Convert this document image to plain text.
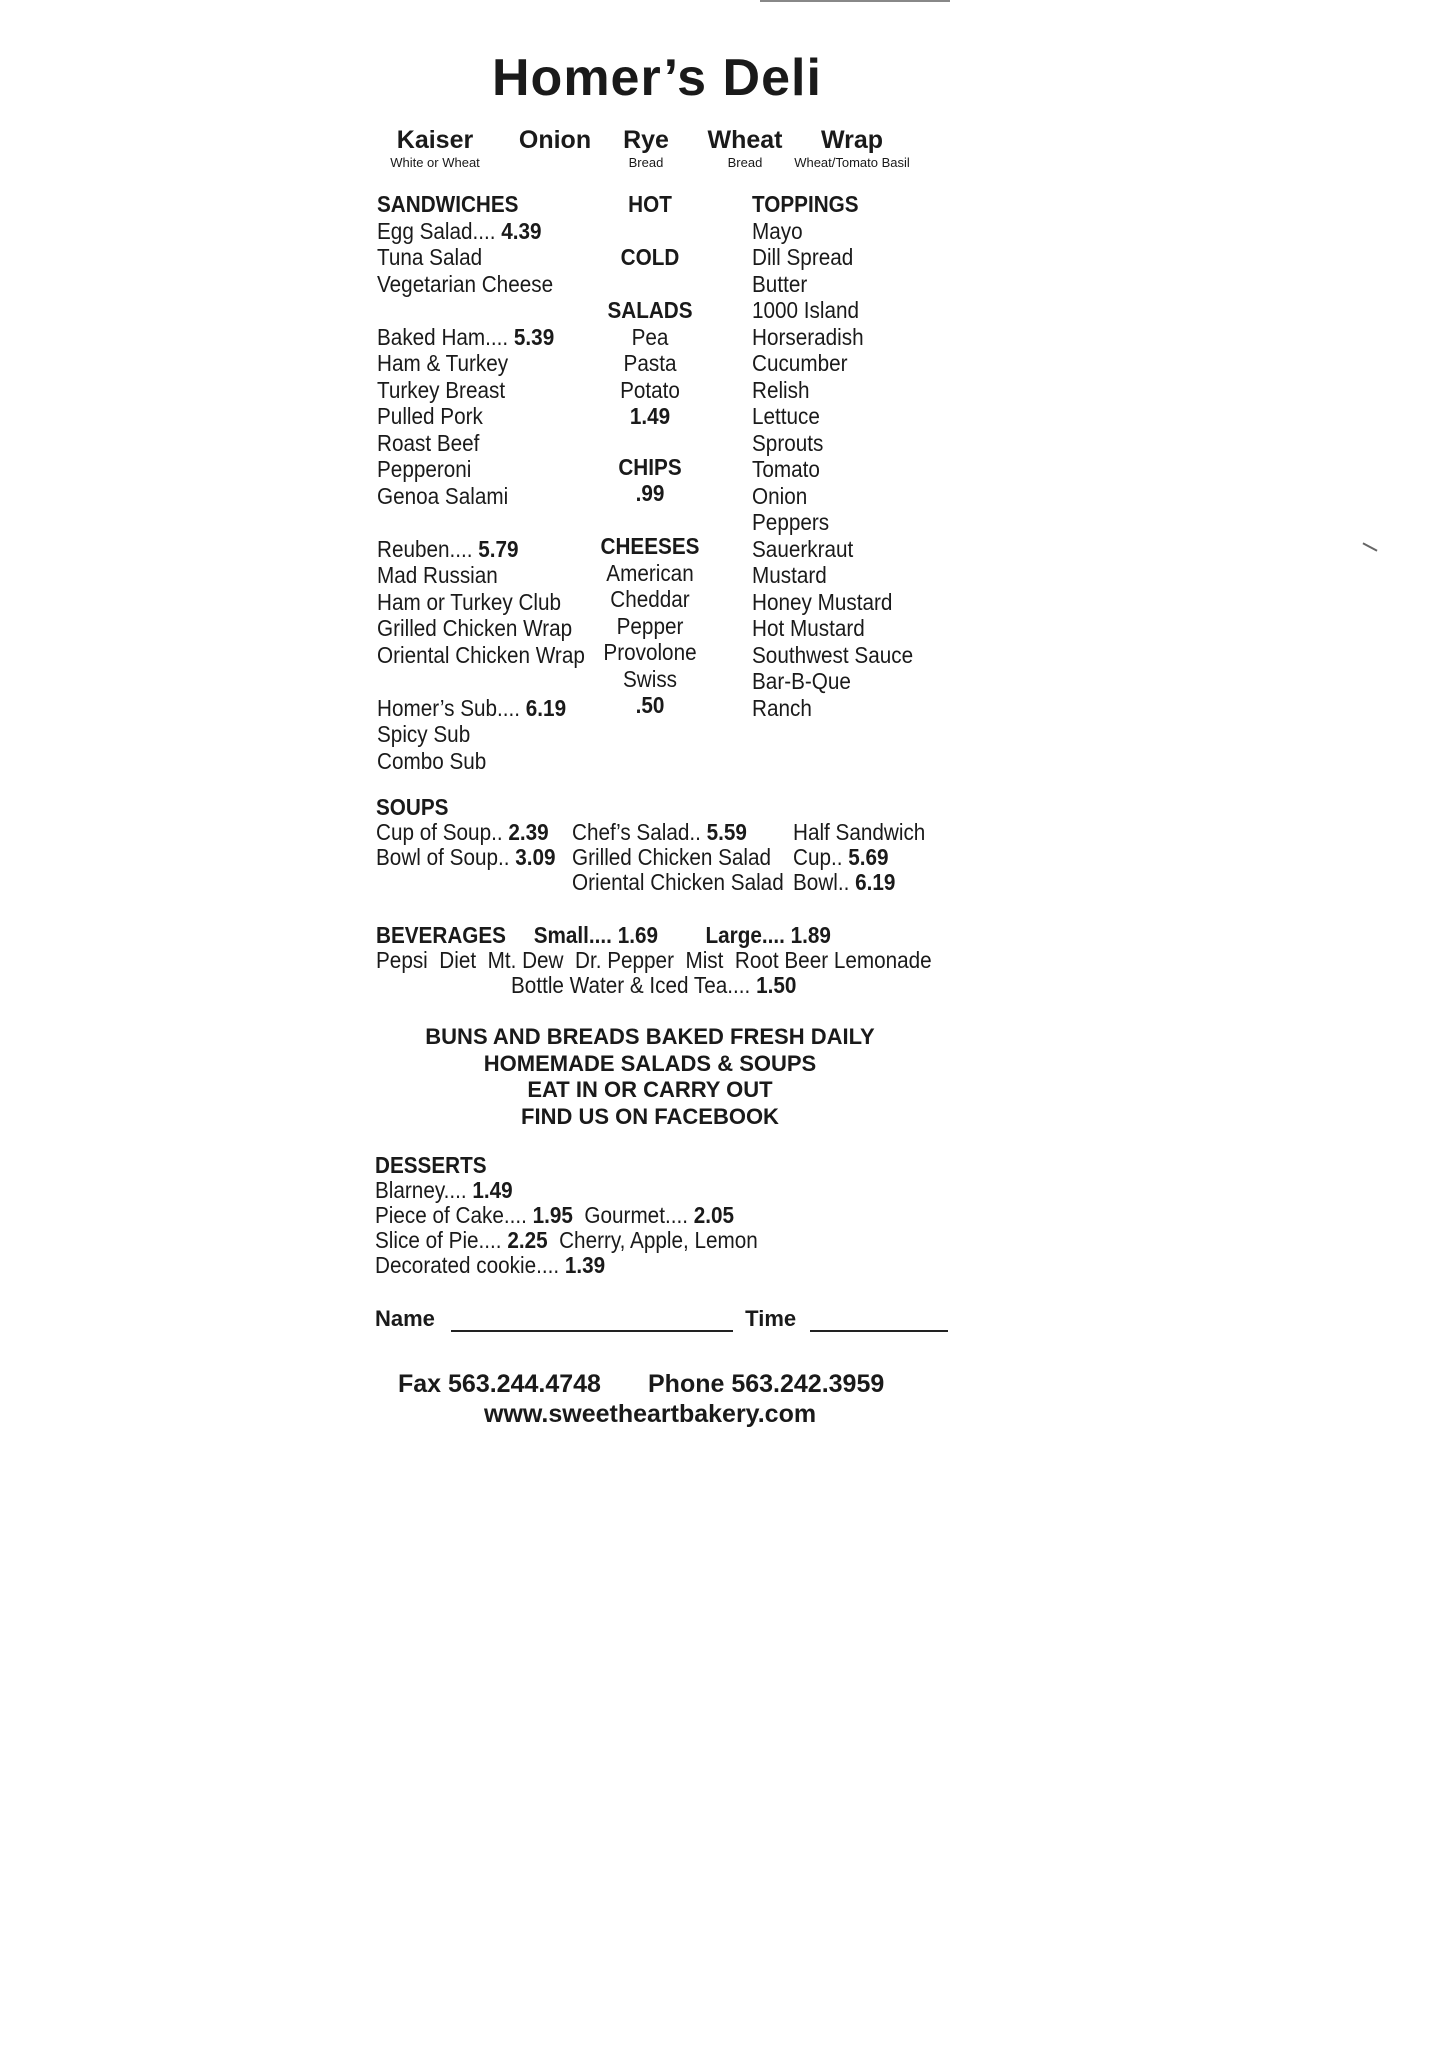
Homer’s Deli
Kaiser
White or Wheat
Onion	Rye
Bread
Wheat
Bread
Wrap
Wheat/Tomato Basil
SANDWICHES
Egg Salad.... 4.39
Tuna Salad
Vegetarian Cheese
Baked Ham.... 5.39
Ham & Turkey
Turkey Breast
Pulled Pork
Roast Beef
Pepperoni
Genoa Salami
Reuben.... 5.79
Mad Russian
Ham or Turkey Club
Grilled Chicken Wrap
Oriental Chicken Wrap
Homer’s Sub.... 6.19
Spicy Sub
Combo Sub
HOT
COLD
SALADS
Pea
Pasta
Potato
1.49
CHIPS
.99
CHEESES
American
Cheddar
Pepper
Provolone
Swiss
.50
TOPPINGS
Mayo
Dill Spread
Butter
1000 Island
Horseradish
Cucumber
Relish
Lettuce
Sprouts
Tomato
Onion
Peppers
Sauerkraut
Mustard
Honey Mustard
Hot Mustard
Southwest Sauce
Bar-B-Que
Ranch
SOUPS
Cup of Soup.. 2.39
Bowl of Soup.. 3.09
Chef’s Salad.. 5.59
Grilled Chicken Salad
Oriental Chicken Salad
Half Sandwich
Cup.. 5.69
Bowl.. 6.19
BEVERAGES Small.... 1.69 Large.... 1.89
Pepsi  Diet  Mt. Dew  Dr. Pepper  Mist  Root Beer Lemonade
Bottle Water & Iced Tea.... 1.50
BUNS AND BREADS BAKED FRESH DAILY
HOMEMADE SALADS & SOUPS
EAT IN OR CARRY OUT
FIND US ON FACEBOOK
DESSERTS
Blarney.... 1.49
Piece of Cake.... 1.95 Gourmet.... 2.05
Slice of Pie.... 2.25 Cherry, Apple, Lemon
Decorated cookie.... 1.39
Name	Time
Fax 563.244.4748 Phone 563.242.3959
www.sweetheartbakery.com
